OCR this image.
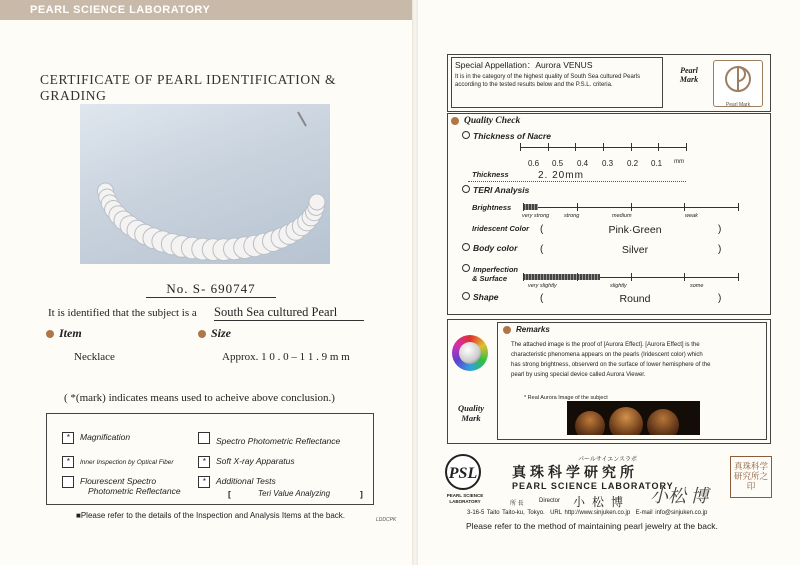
PEARL SCIENCE LABORATORY
CERTIFICATE OF PEARL IDENTIFICATION & GRADING
No. S- 690747
It is identified that the subject is a South Sea cultured Pearl
Item	Size
Necklace	Approx. 1 0 . 0 – 1 1 . 9 m m
( *(mark) indicates means used to acheive above conclusion.)
* Magnification
* Inner Inspection by Optical Fiber
Flourescent Spectro
Photometric Reflectance
Spectro Photometric Reflectance
* Soft X-ray Apparatus
* Additional Tests
[	Teri Value Analyzing	]
■Please refer to the details of the Inspection and Analysis Items at the back.	LDDCPK
Special Appellation：Aurora VENUS
It is in the category of the highest quality of South Sea cultured Pearls according to the tested results below and the P.S.L. criteria.
Pearl Mark
Pearl Mark
Quality Check
Thickness of Nacre
0.6 0.5 0.4 0.3 0.2 0.1 mm
Thickness	2. 20mm
TERI Analysis
Brightness
very strong	strong	medium	weak
Iridescent Color (	Pink·Green	)
Body color (	Silver	)
Imperfection
& Surface
very slightly	slightly	some
Shape	(	Round	)
Quality Mark
Remarks
The attached image is the proof of [Aurora Effect]. [Aurora Effect] is the characteristic phenomena appears on the pearls (Iridescent color) which has strong brightness, observerd on the surface of lower hemisphere of the pearl by using special device called Aurora Viewer.
* Real Aurora Image of the subject
PSL
PEARL SCIENCE LABORATORY
パールサイエンスラボ
真珠科学研究所
PEARL SCIENCE LABORATORY
所 長	Director 小 松 博 小松 博
真珠科学研究所之印
3-16-5 Taito Taito-ku, Tokyo. URL http://www.sinjuken.co.jp E-mail info@sinjuken.co.jp
Please refer to the method of maintaining pearl jewelry at the back.
